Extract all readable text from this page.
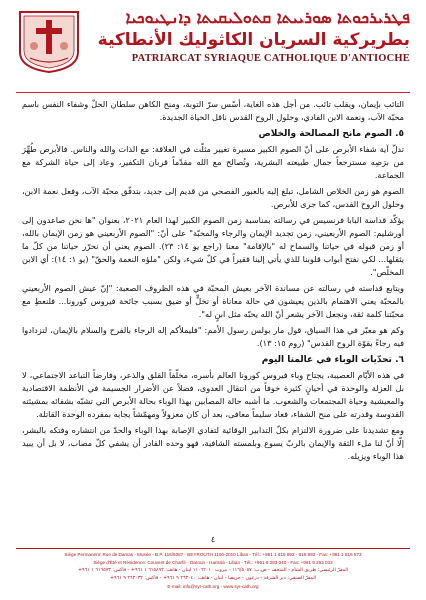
ܦܛܪܝܪܟܘܬܐ ܣܘܪܝܝܬܐ ܩܬܘܠܝܩܝܬܐ ܕܐܢܛܝܘܟܝܐ
بطريركية السريان الكاثوليك الأنطاكية
PATRIARCAT SYRIAQUE CATHOLIQUE D'ANTIOCHE

التائب بإيمان، ويقلب تائب. من أجل هذه الغاية، أسّس سرّ التوبة، ومنح الكاهن سلطان الحلّ وشفاء النفس باسم محبّة الآب، ونعمة الابن الفادي، وحلول الروح القدس ناقل الحياة الجديدة.

٥. الصوم مانح المصالحة والخلاص

تدلّ آية شفاء الأبرص على أنّ الصوم الكبير مسيرة تغيير مثلّث في العلاقة: مع الذات والله والناس. فالأبرص طُهِّرَ من برَصِه مسترجعاً جمال طبيعته البشرية، وتُصالح مع الله مقدّماً قربان التكفير، وعاد إلى حياة الشركة مع الجماعة.

الصوم هو زمن الخلاص الشامل، تبلغ إليه بالعبور الفصحي من قديم إلى جديد، بتدفّق محبّة الآب، وفعل نعمة الابن، وحلول الروح القدس، كما جرى للأبرص.

يؤكّد قداسة البابا فرنسيس في رسالته بمناسبة زمن الصوم الكبير لهذا العام ٢٠٢١، بعنوان "ها نحن صاعدون إلى أورشليم: الصوم الأربعيني، زمن تجديد الإيمان والرجاء والمحبّة" على أنّ: "الصوم الأربعيني هو زمن الإيمان بالله، أو زمن قبوله في حياتنا والسماح له "بالإقامة" معنا (راجع يو ١٤: ٢٣). الصوم يعني أن نحرّر حياتنا من كلّ ما يثقلها... لكي نفتح أبواب قلوبنا للذي يأتي إلينا فقيراً في كلّ شيء، ولكن "ملؤه النعمة والحقّ" (يو ١: ١٤): أي الابن المخلّص".

ويتابع قداسته في رسالته عن مساندة الآخر بعيش المحبّة في هذه الظروف الصعبة: "إنّ عيش الصوم الأربعيني بالمحبّة يعني الاهتمام بالذين يعيشون في حالة معاناة أو تخلٍّ أو ضيق بسبب جائحة فيروس كورونا... فلنعطِ مع محبّتنا كلمة ثقة، ونجعل الآخر يشعر أنّ الله يحبّه مثل ابنٍ له".

وكم هو معبّر في هذا السياق، قول مار بولس رسول الأمم: "فليملأكم إله الرجاء بالفرح والسلام بالإيمان، لتزدادوا فيه رجاءً بقوّة الروح القدس" (روم ١٥: ١٣).

٦. تحدّيات الوباء في عالمنا اليوم

في هذه الأيّام العصيبة، يجتاح وباء فيروس كورونا العالم بأسره، مخلّفاً القلق والذعر، وفارضاً التباعد الاجتماعي، لا بل العزلة والوحدة في أحيانٍ كثيرة خوفاً من انتقال العدوى، فضلاً عن الأضرار الجسيمة في الأنظمة الاقتصادية والمعيشية وحياة المجتمعات والشعوب. ما أشبه حالة المصابين بهذا الوباء بحالة الأبرص التي تشبّه بشفائه بمشيئته القدوسة وقدرته على منح الشفاء، فعاد سليماً معافى، بعد أن كان معزولاً ومهمّشاً يجابه بمفرده الوحدة القاتلة.

ومع تشديدنا على ضرورة الالتزام بكلّ التدابير الوقائية لتفادي الإصابة بهذا الوباء والحدّ من انتشاره وفتكه بالبشر، إلّا أنّ لنا ملء الثقة والإيمان بالربّ يسوع وبلمسته الشافية، فهو وحده القادر أن يشفي كلّ مصاب، لا بل أن يبيد هذا الوباء ويزيله.

٤
Siège Permanent: Rue de Damas - Musée - B.P. 116/5087 - BEYROUTH 1106-2010 Liban - Tél.: +961 1 615 892 - 615 893 - Fax: +961 1 616 573
Siège d'Été et Résidence: Couvent de Charfé - Daroun - Harissa - Liban - Tél.: +961 9 263 040 - Fax: +961 9 263 032
المقرّ الرئيسي: طريق الشام - المتحف - ص.ب: ١١٦/٥٠٨٧ - بيروت ١١٠٦٢٠١٠ لبنان - هاتف: ٦١٥٨٩٢ ١ ٩٦١+ - فاكس: ٦١٦٥٧٣ ١ ٩٦١+
المقرّ الصيفي: دير الشرفة - درعون - حريصا - لبنان - هاتف: ٢٦٣٠٤٠ ٩ ٩٦١+ - فاكس: ٢٦٣٠٣٢ ٩ ٩٦١+
E-mail: info@syr-cath.org - www.syr-cath.org
